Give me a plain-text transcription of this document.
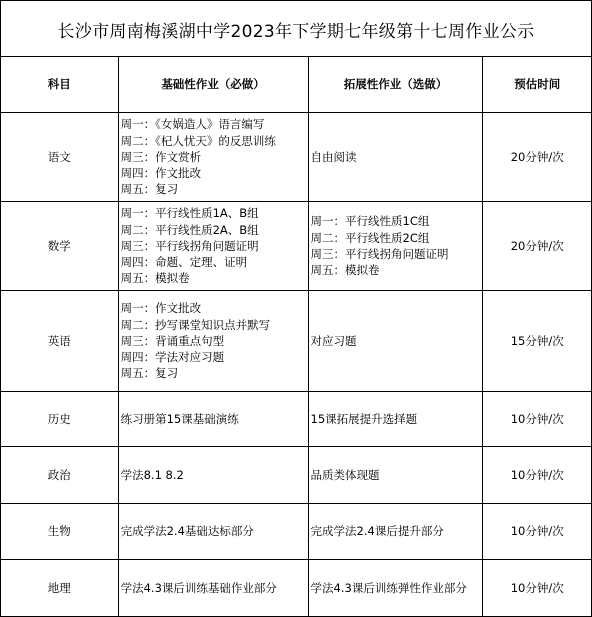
长沙市周南梅溪湖中学2023年下学期七年级第十七周作业公示
科目	基础性作业（必做）	拓展性作业（选做）	预估时间
语文	周一：《女娲造人》语言编写
周二：《杞人忧天》的反思训练
周三：作文赏析
周四：作文批改
周五：复习	自由阅读	20分钟/次
数学	周一：平行线性质1A、B组
周二：平行线性质2A、B组
周三：平行线拐角问题证明
周四：命题、定理、证明
周五：模拟卷	周一：平行线性质1C组
周二：平行线性质2C组
周三：平行线拐角问题证明
周五：模拟卷	20分钟/次
英语	周一：作文批改
周二：抄写课堂知识点并默写
周三：背诵重点句型
周四：学法对应习题
周五：复习	对应习题	15分钟/次
历史	练习册第15课基础演练	15课拓展提升选择题	10分钟/次
政治	学法8.1 8.2	品质类体现题	10分钟/次
生物	完成学法2.4基础达标部分	完成学法2.4课后提升部分	10分钟/次
地理	学法4.3课后训练基础作业部分	学法4.3课后训练弹性作业部分	10分钟/次
